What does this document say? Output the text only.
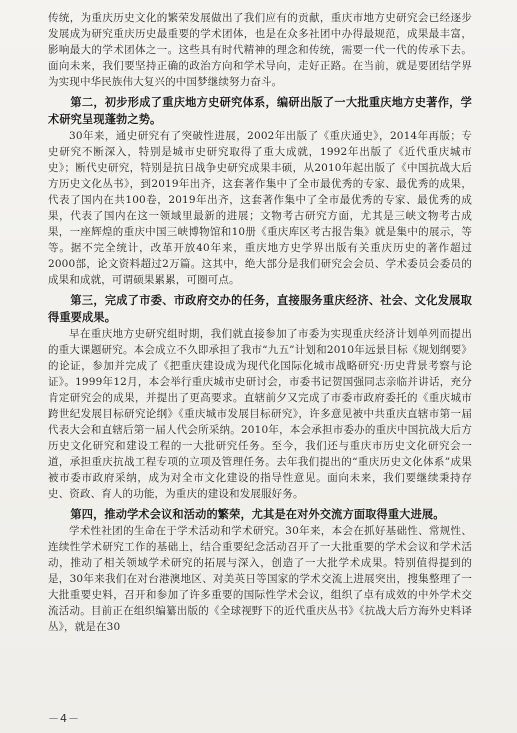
传统，为重庆历史文化的繁荣发展做出了我们应有的贡献，重庆市地方史研究会已经逐步发展成为研究重庆历史最重要的学术团体，也是在众多社团中办得最规范，成果最丰富，影响最大的学术团体之一。这些具有时代精神的理念和传统，需要一代一代的传承下去。面向未来，我们要坚持正确的政治方向和学术导向，走好正路。在当前，就是要团结学界为实现中华民族伟大复兴的中国梦继续努力奋斗。

第二，初步形成了重庆地方史研究体系，编研出版了一大批重庆地方史著作，学术研究呈现蓬勃之势。

30年来，通史研究有了突破性进展，2002年出版了《重庆通史》，2014年再版；专史研究不断深入，特别是城市史研究取得了重大成就，1992年出版了《近代重庆城市史》；断代史研究，特别是抗日战争史研究成果丰硕，从2010年起出版了《中国抗战大后方历史文化丛书》，到2019年出齐，这套著作集中了全市最优秀的专家、最优秀的成果，代表了国内在共100卷，2019年出齐，这套著作集中了全市最优秀的专家、最优秀的成果，代表了国内在这一领域里最新的进展；文物考古研究方面，尤其是三峡文物考古成果，一座辉煌的重庆中国三峡博物馆和10册《重庆库区考古报告集》就是集中的展示，等等。据不完全统计，改革开放40年来，重庆地方史学界出版有关重庆历史的著作超过2000部，论文资料超过2万篇。这其中，绝大部分是我们研究会会员、学术委员会委员的成果和成就，可谓硕果累累，可圈可点。

第三，完成了市委、市政府交办的任务，直接服务重庆经济、社会、文化发展取得重要成果。

早在重庆地方史研究组时期，我们就直接参加了市委为实现重庆经济计划单列而提出的重大课题研究。本会成立不久即承担了我市“九五”计划和2010年远景目标《规划纲要》的论证，参加并完成了《把重庆建设成为现代化国际化城市战略研究·历史背景考察与论证》。1999年12月，本会举行重庆城市史研讨会，市委书记贺国强同志亲临并讲话，充分肯定研究会的成果，并提出了更高要求。直辖前夕又完成了市委市政府委托的《重庆城市跨世纪发展目标研究论纲》《重庆城市发展目标研究》，许多意见被中共重庆直辖市第一届代表大会和直辖后第一届人代会所采纳。2010年，本会承担市委办的重庆中国抗战大后方历史文化研究和建设工程的一大批研究任务。至今，我们还与重庆市历史文化研究会一道，承担重庆抗战工程专项的立项及管理任务。去年我们提出的“重庆历史文化体系”成果被市委市政府采纳，成为对全市文化建设的指导性意见。面向未来，我们要继续秉持存史、资政、育人的功能，为重庆的建设和发展服好务。

第四，推动学术会议和活动的繁荣，尤其是在对外交流方面取得重大进展。

学术性社团的生命在于学术活动和学术研究。30年来，本会在抓好基础性、常规性、连续性学术研究工作的基础上，结合重要纪念活动召开了一大批重要的学术会议和学术活动，推动了相关领域学术研究的拓展与深入，创造了一大批学术成果。特别值得提到的是，30年来我们在对台港澳地区、对美英日等国家的学术交流上进展突出，搜集整理了一大批重要史料，召开和参加了许多重要的国际性学术会议，组织了卓有成效的中外学术交流活动。目前正在组织编纂出版的《全球视野下的近代重庆丛书》《抗战大后方海外史料译丛》，就是在30

－4－
